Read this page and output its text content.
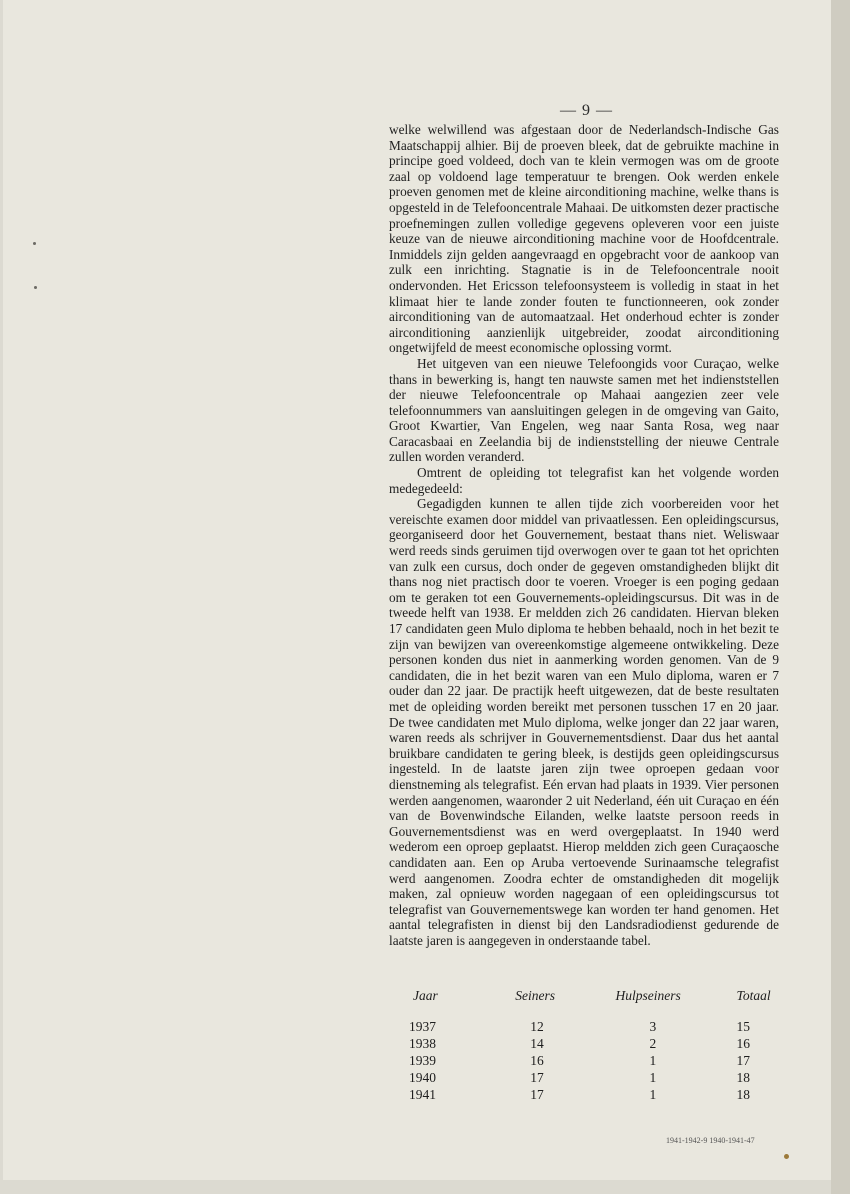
— 9 —

welke welwillend was afgestaan door de Nederlandsch-Indische Gas Maatschappij alhier. Bij de proeven bleek, dat de gebruikte machine in principe goed voldeed, doch van te klein vermogen was om de groote zaal op voldoend lage temperatuur te brengen. Ook werden enkele proeven genomen met de kleine airconditioning machine, welke thans is opgesteld in de Telefooncentrale Mahaai. De uitkomsten dezer practische proefnemingen zullen volledige gegevens opleveren voor een juiste keuze van de nieuwe airconditioning machine voor de Hoofdcentrale. Inmiddels zijn gelden aangevraagd en opgebracht voor de aankoop van zulk een inrichting. Stagnatie is in de Telefooncentrale nooit ondervonden. Het Ericsson telefoonsysteem is volledig in staat in het klimaat hier te lande zonder fouten te functionneeren, ook zonder airconditioning van de automaatzaal. Het onderhoud echter is zonder airconditioning aanzienlijk uitgebreider, zoodat airconditioning ongetwijfeld de meest economische oplossing vormt.

Het uitgeven van een nieuwe Telefoongids voor Curaçao, welke thans in bewerking is, hangt ten nauwste samen met het indienststellen der nieuwe Telefooncentrale op Mahaai aangezien zeer vele telefoonnummers van aansluitingen gelegen in de omgeving van Gaito, Groot Kwartier, Van Engelen, weg naar Santa Rosa, weg naar Caracasbaai en Zeelandia bij de indienststelling der nieuwe Centrale zullen worden veranderd.

Omtrent de opleiding tot telegrafist kan het volgende worden medegedeeld:

Gegadigden kunnen te allen tijde zich voorbereiden voor het vereischte examen door middel van privaatlessen. Een opleidingscursus, georganiseerd door het Gouvernement, bestaat thans niet. Weliswaar werd reeds sinds geruimen tijd overwogen over te gaan tot het oprichten van zulk een cursus, doch onder de gegeven omstandigheden blijkt dit thans nog niet practisch door te voeren. Vroeger is een poging gedaan om te geraken tot een Gouvernements-opleidingscursus. Dit was in de tweede helft van 1938. Er meldden zich 26 candidaten. Hiervan bleken 17 candidaten geen Mulo diploma te hebben behaald, noch in het bezit te zijn van bewijzen van overeenkomstige algemeene ontwikkeling. Deze personen konden dus niet in aanmerking worden genomen. Van de 9 candidaten, die in het bezit waren van een Mulo diploma, waren er 7 ouder dan 22 jaar. De practijk heeft uitgewezen, dat de beste resultaten met de opleiding worden bereikt met personen tusschen 17 en 20 jaar. De twee candidaten met Mulo diploma, welke jonger dan 22 jaar waren, waren reeds als schrijver in Gouvernementsdienst. Daar dus het aantal bruikbare candidaten te gering bleek, is destijds geen opleidingscursus ingesteld. In de laatste jaren zijn twee oproepen gedaan voor dienstneming als telegrafist. Eén ervan had plaats in 1939. Vier personen werden aangenomen, waaronder 2 uit Nederland, één uit Curaçao en één van de Bovenwindsche Eilanden, welke laatste persoon reeds in Gouvernementsdienst was en werd overgeplaatst. In 1940 werd wederom een oproep geplaatst. Hierop meldden zich geen Curaçaosche candidaten aan. Een op Aruba vertoevende Surinaamsche telegrafist werd aangenomen. Zoodra echter de omstandigheden dit mogelijk maken, zal opnieuw worden nagegaan of een opleidingscursus tot telegrafist van Gouvernementswege kan worden ter hand genomen. Het aantal telegrafisten in dienst bij den Landsradiodienst gedurende de laatste jaren is aangegeven in onderstaande tabel.

Jaar	Seiners	Hulpseiners	Totaal
1937	12	3	15
1938	14	2	16
1939	16	1	17
1940	17	1	18
1941	17	1	18
1941-1942-9 1940-1941-47
